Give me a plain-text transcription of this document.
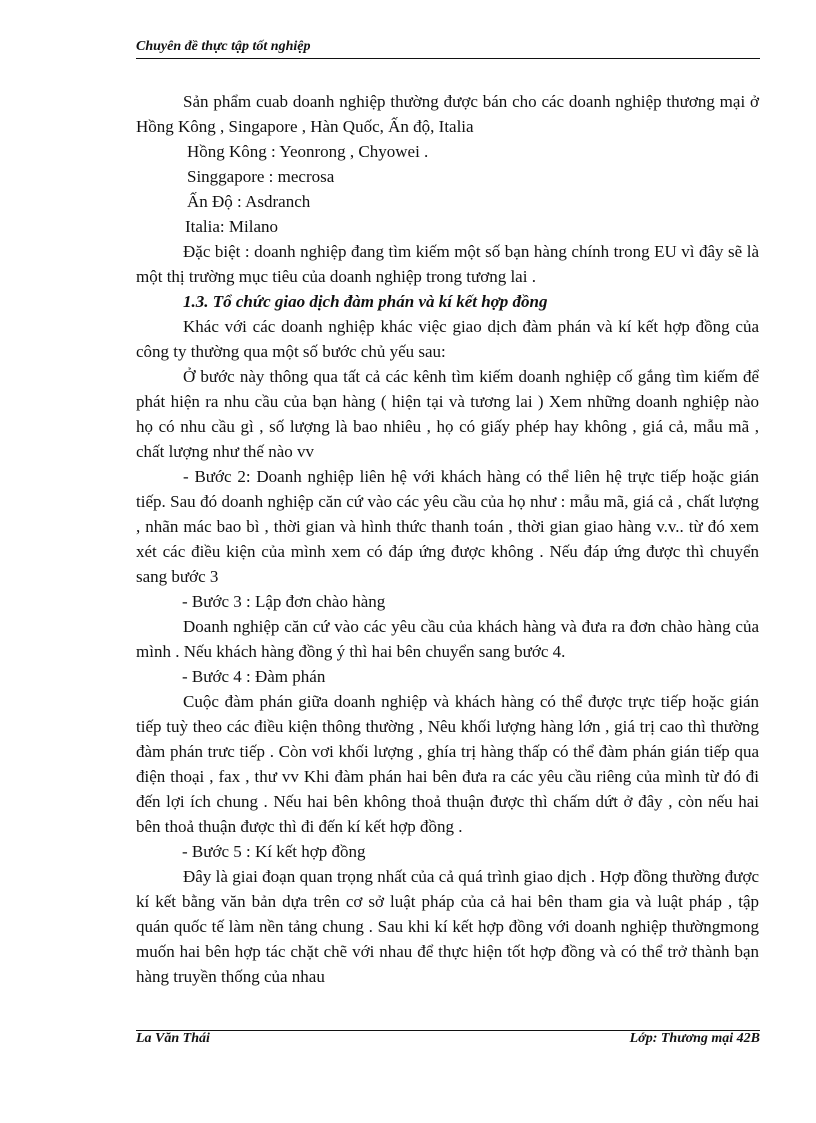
Chuyên đề thực tập tốt nghiệp

Sản phẩm cuab doanh nghiệp thường được bán cho các doanh nghiệp thương mại ở Hồng Kông , Singapore , Hàn Quốc, Ấn độ, Italia

Hồng Kông : Yeonrong , Chyowei .

Singgapore : mecrosa

Ấn Độ : Asdranch

Italia: Milano

Đặc biệt : doanh nghiệp đang tìm kiếm một số bạn hàng chính trong EU vì đây sẽ là một thị trường mục tiêu của doanh nghiệp trong tương lai .

1.3. Tổ chức giao dịch đàm phán và kí kết hợp đồng

Khác với các doanh nghiệp khác việc giao dịch đàm phán và kí kết hợp đồng của công ty thường qua một số bước chủ yếu sau:

Ở bước này thông qua tất cả các kênh tìm kiếm doanh nghiệp cố gắng tìm kiếm để phát hiện ra nhu cầu của bạn hàng ( hiện tại và tương lai ) Xem những doanh nghiệp nào họ có nhu cầu gì , số lượng là bao nhiêu , họ có giấy phép hay không , giá cả, mẫu mã , chất lượng như thế nào vv

- Bước 2: Doanh nghiệp liên hệ với khách hàng có thể liên hệ trực tiếp hoặc gián tiếp. Sau đó doanh nghiệp căn cứ vào các yêu cầu của họ như : mẫu mã, giá cả , chất lượng , nhãn mác bao bì , thời gian và hình thức thanh toán , thời gian giao hàng v.v.. từ đó xem xét các điều kiện của mình xem có đáp ứng được không . Nếu đáp ứng được thì chuyển sang bước 3

- Bước 3 : Lập đơn chào hàng

Doanh nghiệp căn cứ vào các yêu cầu của khách hàng và đưa ra đơn chào hàng của mình . Nếu khách hàng đồng ý thì hai bên chuyển sang bước 4.

- Bước 4 : Đàm phán

Cuộc đàm phán giữa doanh nghiệp và khách hàng có thể được trực tiếp hoặc gián tiếp tuỳ theo các điều kiện thông thường , Nêu khối lượng hàng lớn , giá trị cao thì thường đàm phán trưc tiếp . Còn vơi khối lượng , ghía trị hàng thấp có thể đàm phán gián tiếp qua điện thoại , fax , thư vv Khi đàm phán hai bên đưa ra các yêu cầu riêng của mình từ đó đi đến lợi ích chung . Nếu hai bên không thoả thuận được thì chấm dứt ở đây , còn nếu hai bên thoả thuận được thì đi đến kí kết hợp đồng .

- Bước 5 : Kí kết hợp đồng

Đây là giai đoạn quan trọng nhất của cả quá trình giao dịch . Hợp đồng thường được kí kết bằng văn bản dựa trên cơ sở luật pháp của cả hai bên tham gia và luật pháp , tập quán quốc tế làm nền tảng chung . Sau khi kí kết hợp đồng với doanh nghiệp thườngmong muốn hai bên hợp tác chặt chẽ với nhau để thực hiện tốt hợp đồng và có thể trở thành bạn hàng truyền thống của nhau

La Văn Thái	Lớp: Thương mại 42B
